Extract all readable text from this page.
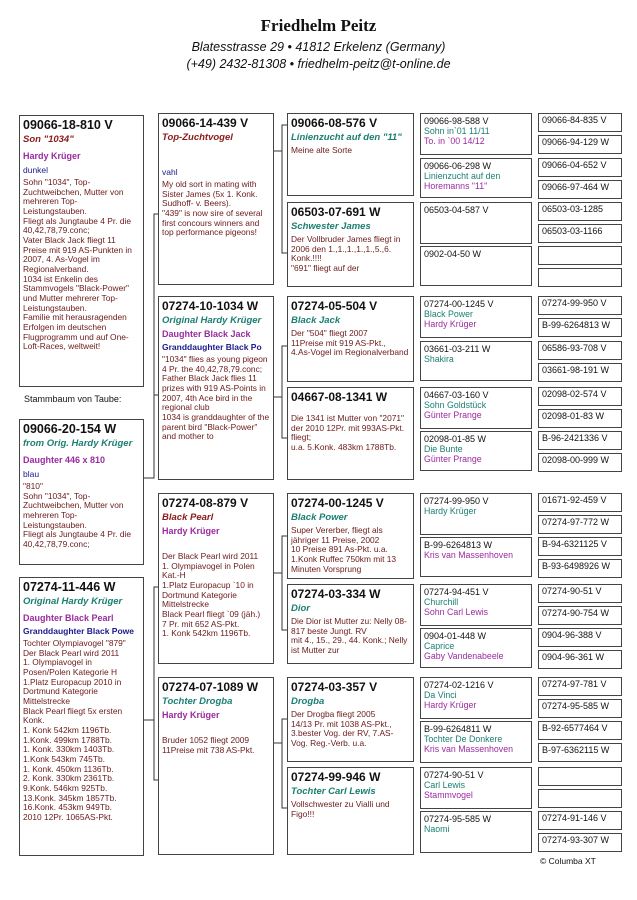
Friedhelm Peitz
Blatesstrasse 29 • 41812 Erkelenz (Germany)
(+49) 2432-81308 • friedhelm-peitz@t-online.de
09066-18-810 V
Son "1034"
Hardy Krüger
dunkel
Sohn "1034", Top-Zuchtweibchen, Mutter von mehreren Top-Leistungstauben.
Fliegt als Jungtaube 4 Pr. die 40,42,78,79.conc;
Vater Black Jack fliegt 11 Preise mit 919 AS-Punkten in 2007, 4. As-Vogel im Regionalverband.
1034 ist Enkelin des Stammvogels "Black-Power" und Mutter mehrerer Top-Leistungstauben.
Familie mit herausragenden Erfolgen im deutschen Flugprogramm und auf One-Loft-Races, weltweit!
Stammbaum von Taube:
09066-20-154 W
from Orig. Hardy Krüger
Daughter 446 x 810
blau
"810"
Sohn "1034", Top-Zuchtweibchen, Mutter von mehreren Top-Leistungstauben.
Fliegt als Jungtaube 4 Pr. die 40,42,78,79.conc;
07274-11-446 W
Original Hardy Krüger
Daughter Black Pearl
Granddaughter Black Powe
Tochter Olympiavogel "879"
Der Black Pearl wird 2011
1. Olympiavogel in Posen/Polen Kategorie H
1.Platz Europacup 2010 in Dortmund Kategorie Mittelstrecke
Black Pearl fliegt 5x ersten Konk.
1. Konk 542km 1196Tb.
1.Konk. 499km 1788Tb.
1. Konk. 330km 1403Tb.
1.Konk 543km 745Tb.
1. Konk. 450km 1136Tb.
2. Konk. 330km 2361Tb.
9.Konk. 546km 925Tb.
13.Konk. 345km 1857Tb.
16.Konk. 453km 949Tb.
2010 12Pr. 1065AS-Pkt.
09066-14-439 V
Top-Zuchtvogel
vahl
My old sort in mating with Sister James (5x 1. Konk. Sudhoff- v. Beers).
"439" is now sire of several first concours winners and top performance pigeons!
07274-10-1034 W
Original Hardy Krüger
Daughter Black Jack
Granddaughter Black Po
"1034" flies as young pigeon 4 Pr. the 40,42,78,79.conc;
Father Black Jack flies 11 prizes with 919 AS-Points in 2007, 4th Ace bird in the regional club
1034 is granddaughter of the parent bird "Black-Power" and mother to
07274-08-879 V
Black Pearl
Hardy Krüger
Der Black Pearl wird 2011
1. Olympiavogel in Polen Kat.-H
1.Platz Europacup `10 in Dortmund Kategorie Mittelstrecke
Black Pearl fliegt `09 (jäh.)
7 Pr. mit 652 AS-Pkt.
1. Konk 542km 1196Tb.
07274-07-1089 W
Tochter Drogba
Hardy Krüger
Bruder 1052 fliegt 2009
11Preise mit 738 AS-Pkt.
09066-08-576 V
Linienzucht auf den "11"
Meine alte Sorte
06503-07-691 W
Schwester James
Der Vollbruder James fliegt in 2006 den 1.,1.,1.,1.,1.,5.,6. Konk.!!!!
"691" fliegt auf der
07274-05-504 V
Black Jack
Der "504" fliegt 2007
11Preise mit 919 AS-Pkt.,
4.As-Vogel im Regionalverband
04667-08-1341 W
Die 1341 ist Mutter von "2071" der 2010 12Pr. mit 993AS-Pkt. fliegt;
u.a. 5.Konk. 483km 1788Tb.
07274-00-1245 V
Black Power
Super Vererber, fliegt als jähriger 11 Preise, 2002
10 Preise 891 As-Pkt. u.a.
1.Konk Ruffec 750km mit 13 Minuten Vorsprung
07274-03-334 W
Dior
Die Dior ist Mutter zu: Nelly 08-817 beste Jungt. RV
mit 4., 15., 29., 44. Konk.; Nelly ist Mutter zur
07274-03-357 V
Drogba
Der Drogba fliegt 2005
14/13 Pr. mit 1038 AS-Pkt., 3.bester Vog. der RV, 7.AS-Vog. Reg.-Verb. u.a.
07274-99-946 W
Tochter Carl Lewis
Vollschwester zu Vialli und Figo!!!
09066-98-588 V
Sohn in`01 11/11
To. in `00 14/12
09066-06-298 W
Linienzucht auf den
Horemanns "11"
06503-04-587 V
0902-04-50 W
07274-00-1245 V
Black Power
Hardy Krüger
03661-03-211 W
Shakira
04667-03-160 V
Sohn Goldstück
Günter Prange
02098-01-85 W
Die Bunte
Günter Prange
07274-99-950 V
Hardy Krüger
B-99-6264813 W
Kris van Massenhoven
07274-94-451 V
Churchill
Sohn Carl Lewis
0904-01-448 W
Caprice
Gaby Vandenabeele
07274-02-1216 V
Da Vinci
Hardy Krüger
B-99-6264811 W
Tochter De Donkere
Kris van Massenhoven
07274-90-51 V
Carl Lewis
Stammvogel
07274-95-585 W
Naomi
09066-84-835 V
09066-94-129 W
09066-04-652 V
09066-97-464 W
06503-03-1285
06503-03-1166
07274-99-950 V
B-99-6264813 W
06586-93-708 V
03661-98-191 W
02098-02-574 V
02098-01-83 W
B-96-2421336 V
02098-00-999 W
01671-92-459 V
07274-97-772 W
B-94-6321125 V
B-93-6498926 W
07274-90-51 V
07274-90-754 W
0904-96-388 V
0904-96-361 W
07274-97-781 V
07274-95-585 W
B-92-6577464 V
B-97-6362115 W
07274-91-146 V
07274-93-307 W
© Columba XT
